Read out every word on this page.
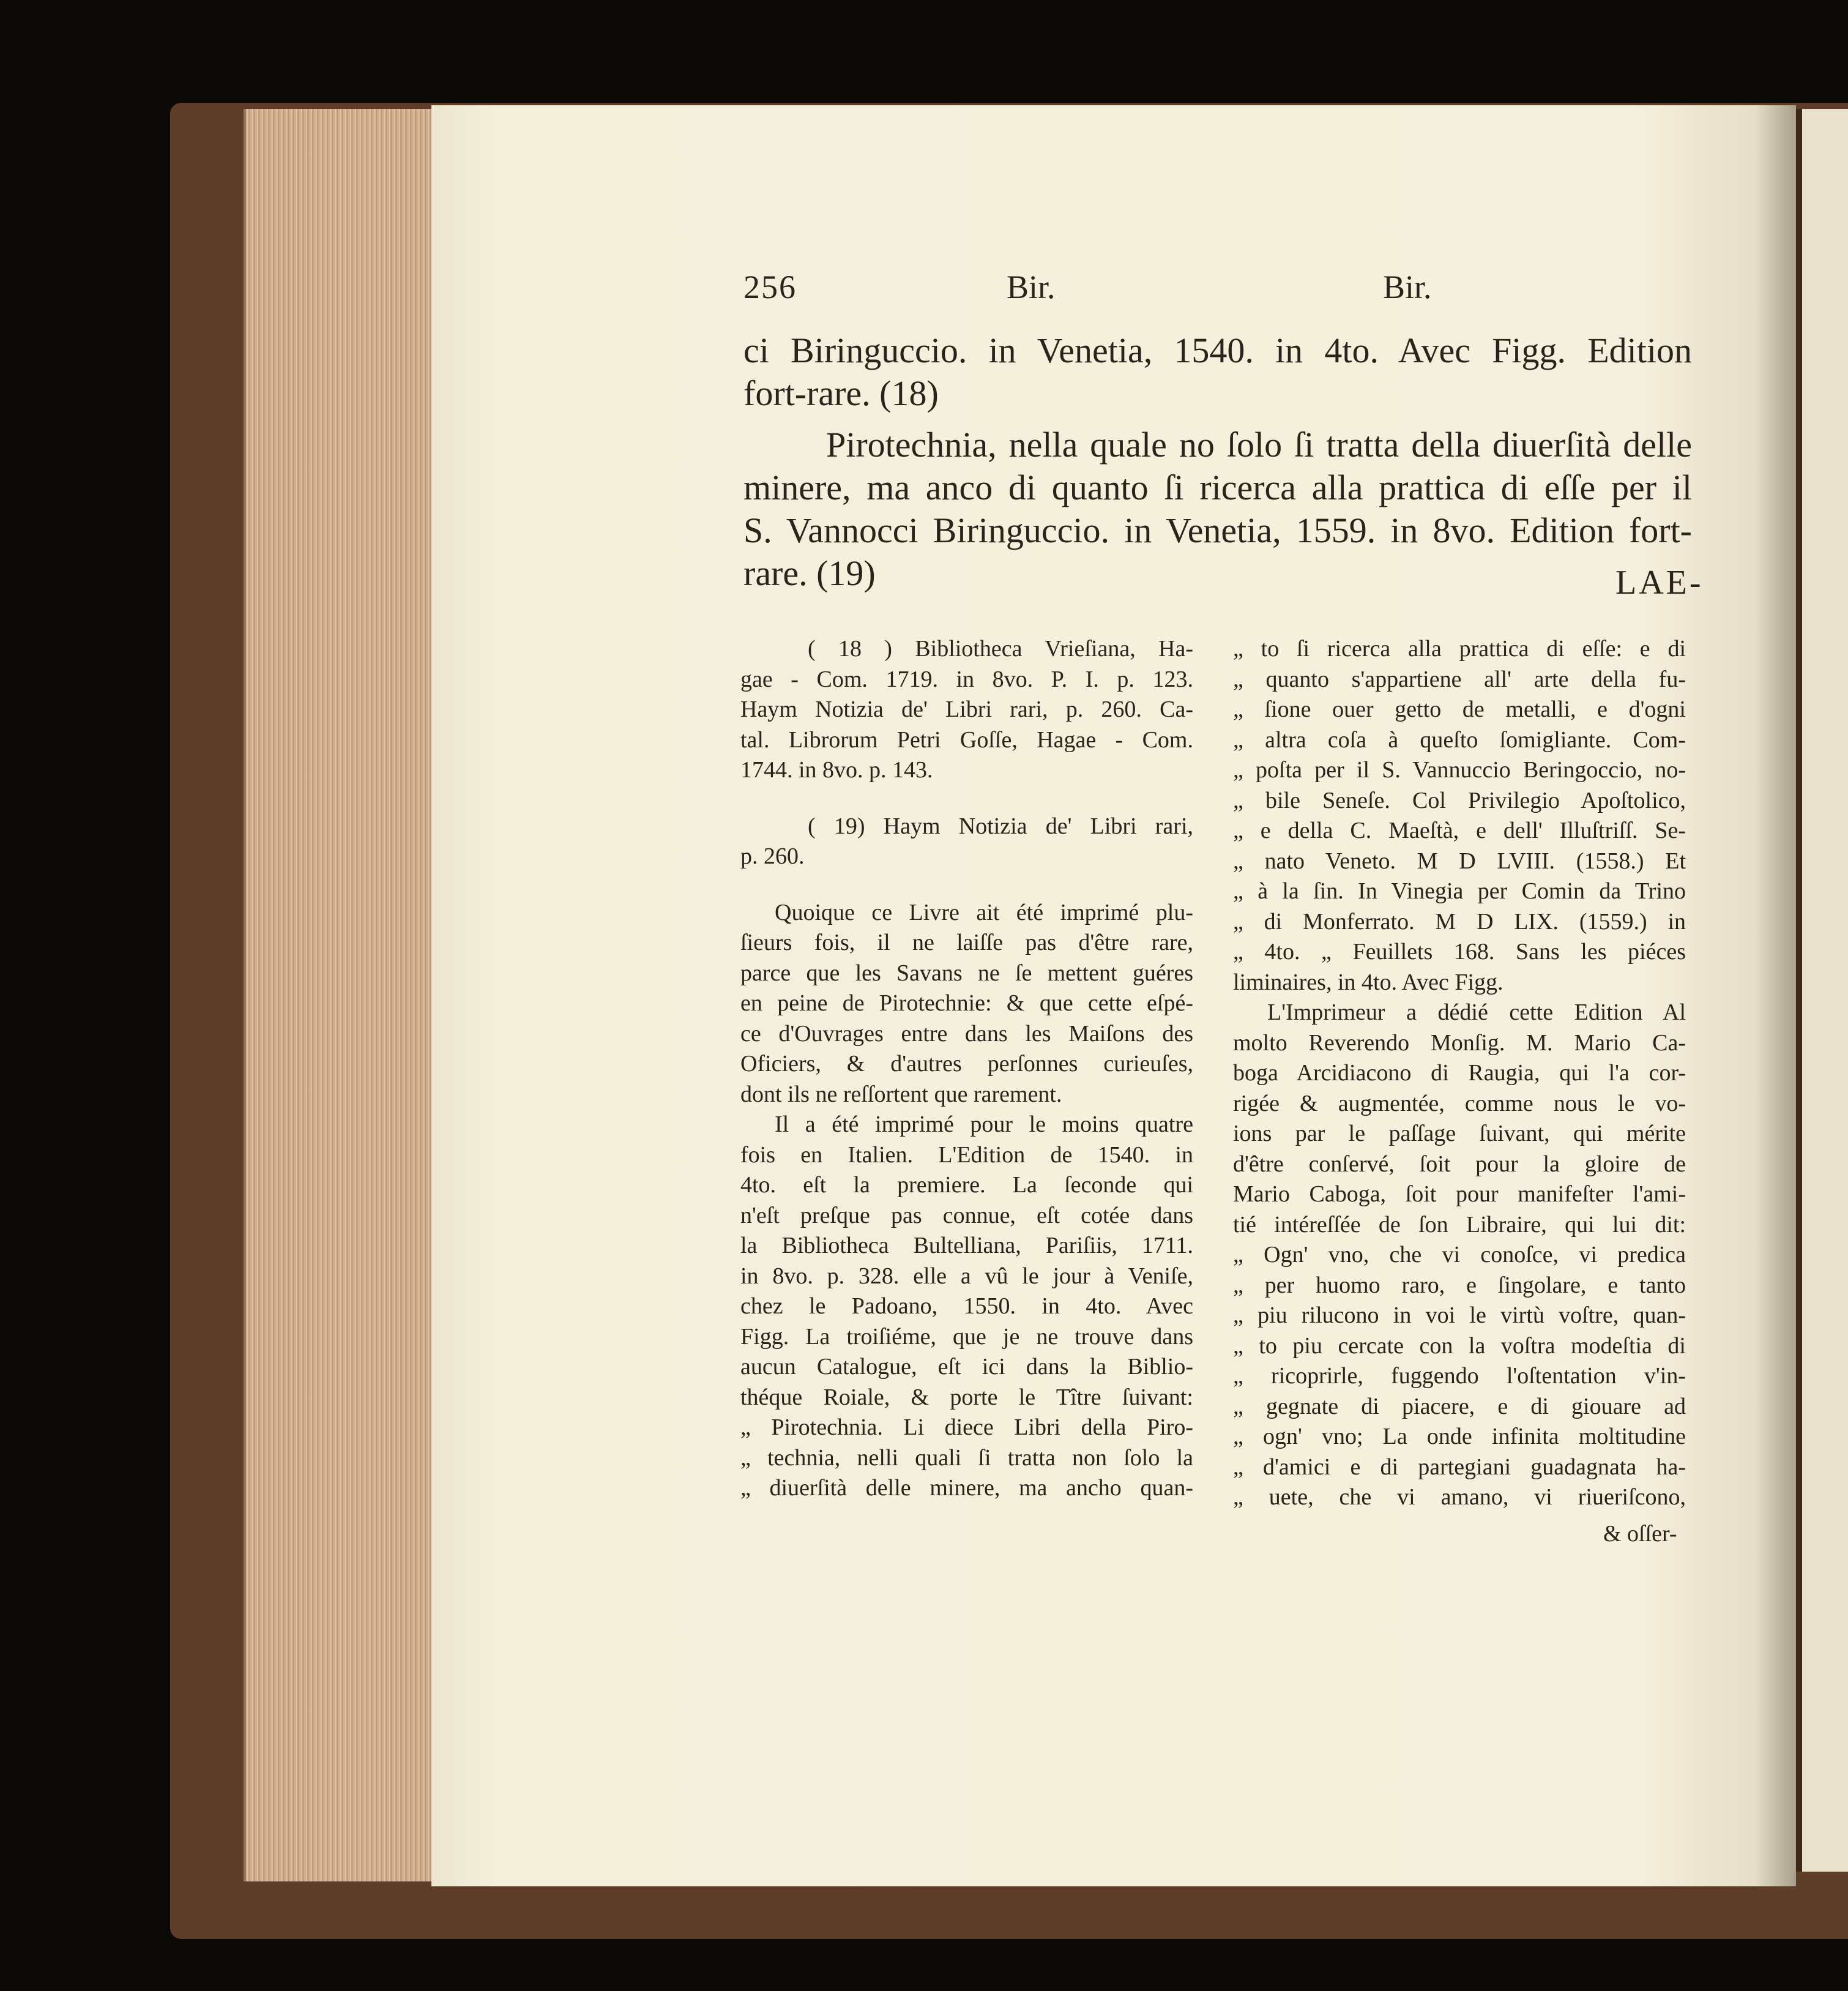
256	Bir.	Bir.
ci Biringuccio. in Venetia, 1540. in 4to. Avec Figg. Edition
fort-rare. (18)
Pirotechnia, nella quale no ſolo ſi tratta della diuerſità delle
minere, ma anco di quanto ſi ricerca alla prattica di eſſe per il
S. Vannocci Biringuccio. in Venetia, 1559. in 8vo. Edition fort-
rare. (19)	LAE-
( 18 ) Bibliotheca Vrieſiana, Ha-
gae - Com. 1719. in 8vo. P. I. p. 123.
Haym Notizia de' Libri rari, p. 260. Ca-
tal. Librorum Petri Goſſe, Hagae - Com.
1744. in 8vo. p. 143.
( 19) Haym Notizia de' Libri rari,
p. 260.
Quoique ce Livre ait été imprimé plu-
ſieurs fois, il ne laiſſe pas d'être rare,
parce que les Savans ne ſe mettent guéres
en peine de Pirotechnie: & que cette eſpé-
ce d'Ouvrages entre dans les Maiſons des
Oficiers, & d'autres perſonnes curieuſes,
dont ils ne reſſortent que rarement.
Il a été imprimé pour le moins quatre
fois en Italien. L'Edition de 1540. in
4to. eſt la premiere. La ſeconde qui
n'eſt preſque pas connue, eſt cotée dans
la Bibliotheca Bultelliana, Pariſiis, 1711.
in 8vo. p. 328. elle a vû le jour à Veniſe,
chez le Padoano, 1550. in 4to. Avec
Figg. La troiſiéme, que je ne trouve dans
aucun Catalogue, eſt ici dans la Biblio-
théque Roiale, & porte le Tître ſuivant:
„ Pirotechnia. Li diece Libri della Piro-
„ technia, nelli quali ſi tratta non ſolo la
„ diuerſità delle minere, ma ancho quan-
„ to ſi ricerca alla prattica di eſſe: e di
„ quanto s'appartiene all' arte della fu-
„ ſione ouer getto de metalli, e d'ogni
„ altra coſa à queſto ſomigliante. Com-
„ poſta per il S. Vannuccio Beringoccio, no-
„ bile Seneſe. Col Privilegio Apoſtolico,
„ e della C. Maeſtà, e dell' Illuſtriſſ. Se-
„ nato Veneto. M D LVIII. (1558.) Et
„ à la ſin. In Vinegia per Comin da Trino
„ di Monferrato. M D LIX. (1559.) in
„ 4to. „ Feuillets 168. Sans les piéces
liminaires, in 4to. Avec Figg.
L'Imprimeur a dédié cette Edition Al
molto Reverendo Monſig. M. Mario Ca-
boga Arcidiacono di Raugia, qui l'a cor-
rigée & augmentée, comme nous le vo-
ions par le paſſage ſuivant, qui mérite
d'être conſervé, ſoit pour la gloire de
Mario Caboga, ſoit pour manifeſter l'ami-
tié intéreſſée de ſon Libraire, qui lui dit:
„ Ogn' vno, che vi conoſce, vi predica
„ per huomo raro, e ſingolare, e tanto
„ piu rilucono in voi le virtù voſtre, quan-
„ to piu cercate con la voſtra modeſtia di
„ ricoprirle, fuggendo l'oſtentation v'in-
„ gegnate di piacere, e di giouare ad
„ ogn' vno; La onde infinita moltitudine
„ d'amici e di partegiani guadagnata ha-
„ uete, che vi amano, vi riueriſcono,
& oſſer-
